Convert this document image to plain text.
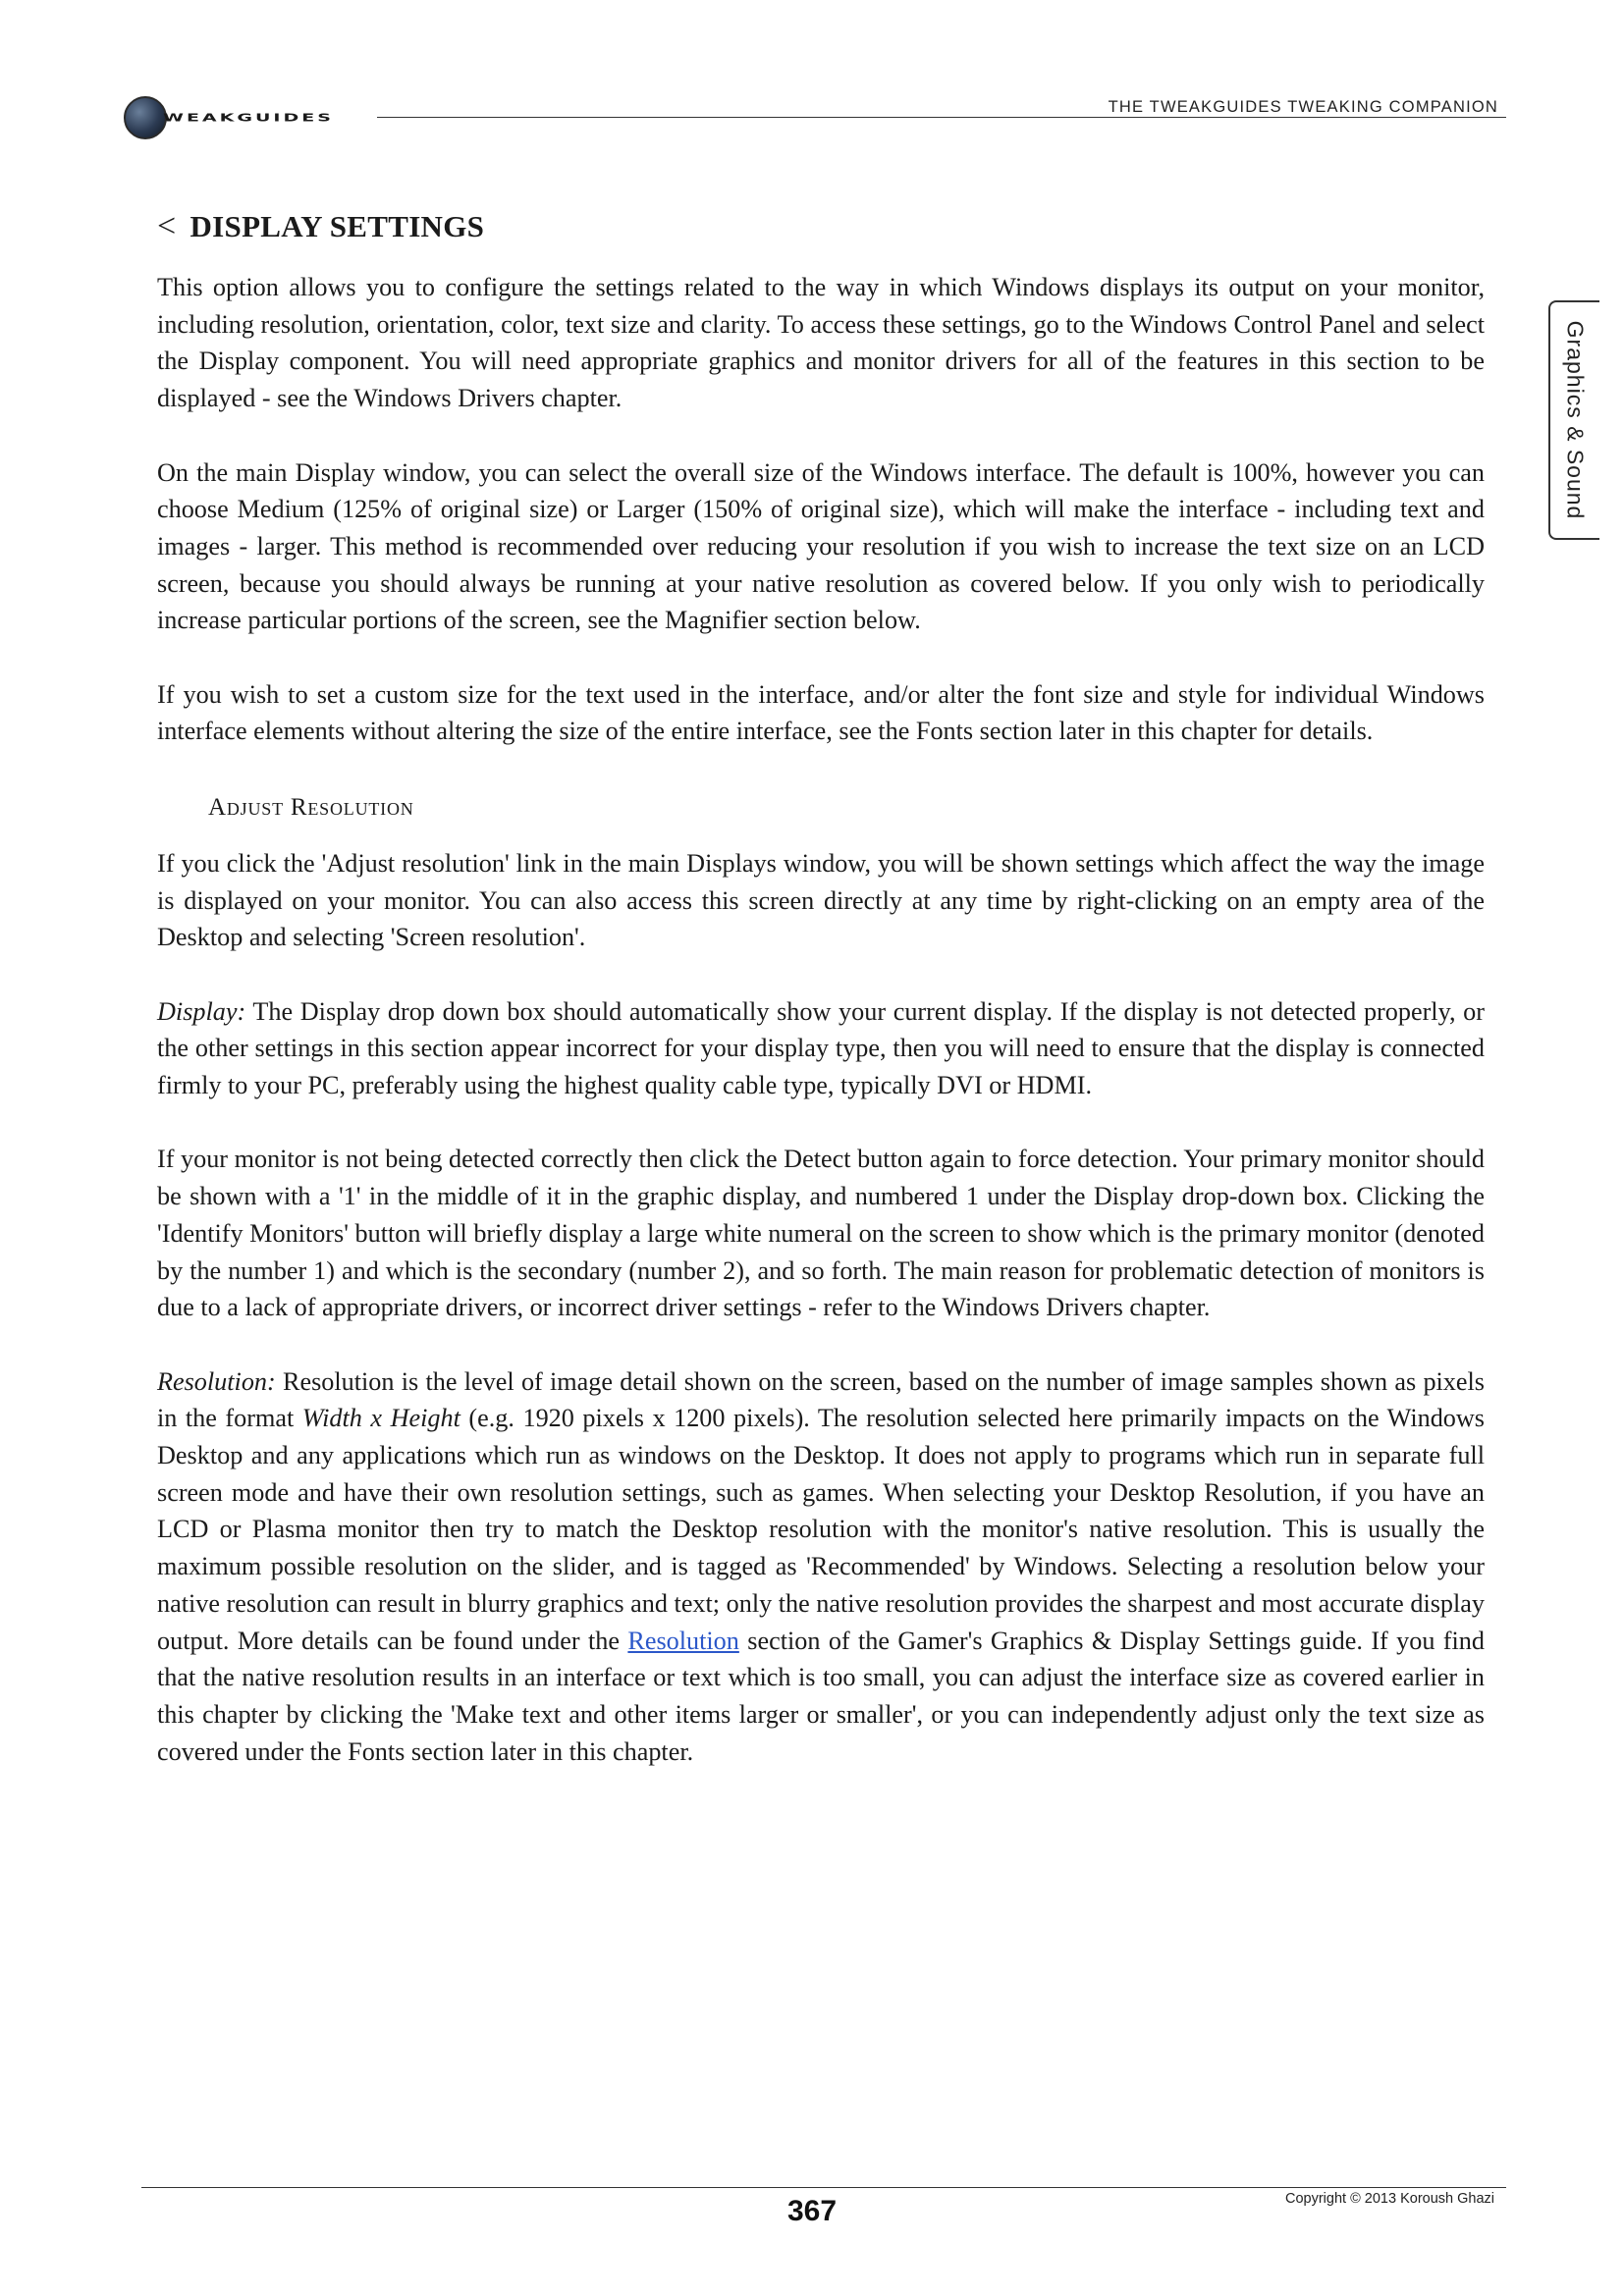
WEAKGUIDES
THE TWEAKGUIDES TWEAKING COMPANION
Graphics & Sound
< DISPLAY SETTINGS

This option allows you to configure the settings related to the way in which Windows displays its output on your monitor, including resolution, orientation, color, text size and clarity. To access these settings, go to the Windows Control Panel and select the Display component. You will need appropriate graphics and monitor drivers for all of the features in this section to be displayed - see the Windows Drivers chapter.

On the main Display window, you can select the overall size of the Windows interface. The default is 100%, however you can choose Medium (125% of original size) or Larger (150% of original size), which will make the interface - including text and images - larger. This method is recommended over reducing your resolution if you wish to increase the text size on an LCD screen, because you should always be running at your native resolution as covered below. If you only wish to periodically increase particular portions of the screen, see the Magnifier section below.

If you wish to set a custom size for the text used in the interface, and/or alter the font size and style for individual Windows interface elements without altering the size of the entire interface, see the Fonts section later in this chapter for details.

Adjust Resolution

If you click the 'Adjust resolution' link in the main Displays window, you will be shown settings which affect the way the image is displayed on your monitor. You can also access this screen directly at any time by right-clicking on an empty area of the Desktop and selecting 'Screen resolution'.

Display: The Display drop down box should automatically show your current display. If the display is not detected properly, or the other settings in this section appear incorrect for your display type, then you will need to ensure that the display is connected firmly to your PC, preferably using the highest quality cable type, typically DVI or HDMI.

If your monitor is not being detected correctly then click the Detect button again to force detection. Your primary monitor should be shown with a '1' in the middle of it in the graphic display, and numbered 1 under the Display drop-down box. Clicking the 'Identify Monitors' button will briefly display a large white numeral on the screen to show which is the primary monitor (denoted by the number 1) and which is the secondary (number 2), and so forth. The main reason for problematic detection of monitors is due to a lack of appropriate drivers, or incorrect driver settings - refer to the Windows Drivers chapter.

Resolution: Resolution is the level of image detail shown on the screen, based on the number of image samples shown as pixels in the format Width x Height (e.g. 1920 pixels x 1200 pixels). The resolution selected here primarily impacts on the Windows Desktop and any applications which run as windows on the Desktop. It does not apply to programs which run in separate full screen mode and have their own resolution settings, such as games. When selecting your Desktop Resolution, if you have an LCD or Plasma monitor then try to match the Desktop resolution with the monitor's native resolution. This is usually the maximum possible resolution on the slider, and is tagged as 'Recommended' by Windows. Selecting a resolution below your native resolution can result in blurry graphics and text; only the native resolution provides the sharpest and most accurate display output. More details can be found under the Resolution section of the Gamer's Graphics & Display Settings guide. If you find that the native resolution results in an interface or text which is too small, you can adjust the interface size as covered earlier in this chapter by clicking the 'Make text and other items larger or smaller', or you can independently adjust only the text size as covered under the Fonts section later in this chapter.

367	Copyright © 2013 Koroush Ghazi
